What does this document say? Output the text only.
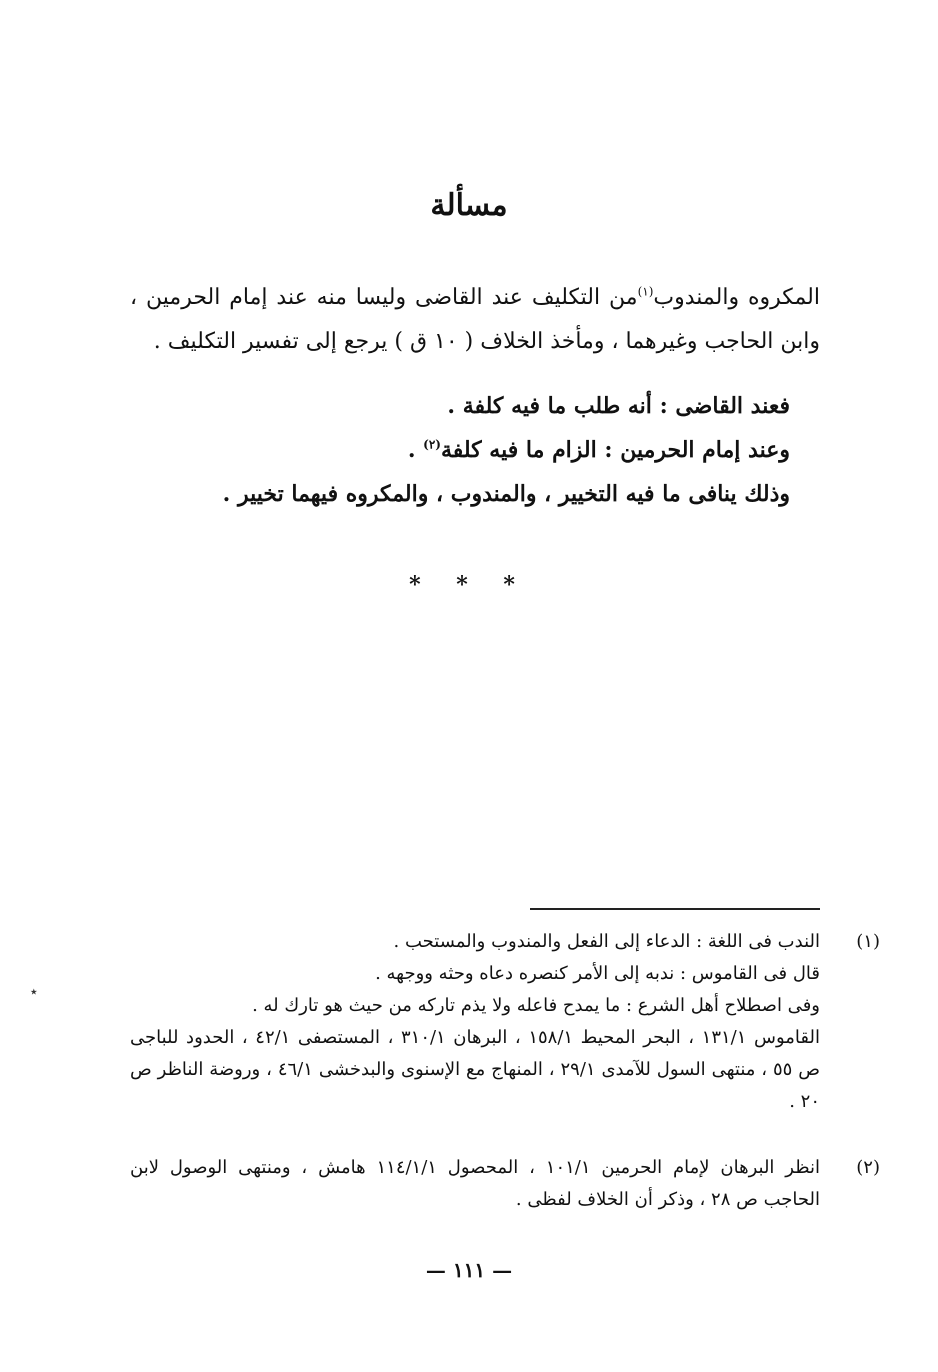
مسألة

المكروه والمندوب$^{(١)}$من التكليف عند القاضى وليسا منه عند إمام الحرمين ، وابن الحاجب وغيرهما ، ومأخذ الخلاف ( ١٠ ق ) يرجع إلى تفسير التكليف .

فعند القاضى : أنه طلب ما فيه كلفة .

وعند إمام الحرمين : الزام ما فيه كلفة$^{(٢)}$ .

وذلك ينافى ما فيه التخيير ، والمندوب ، والمكروه فيهما تخيير .

* * *
(١)
الندب فى اللغة : الدعاء إلى الفعل والمندوب والمستحب .
قال فى القاموس : ندبه إلى الأمر كنصره دعاه وحثه ووجهه .
وفى اصطلاح أهل الشرع : ما يمدح فاعله ولا يذم تاركه من حيث هو تارك له .
القاموس ١٣١/١ ، البحر المحيط ١٥٨/١ ، البرهان ٣١٠/١ ، المستصفى ٤٢/١ ، الحدود للباجى ص ٥٥ ، منتهى السول للآمدى ٢٩/١ ، المنهاج مع الإسنوى والبدخشى ٤٦/١ ، وروضة الناظر ص ٢٠ .
(٢)
انظر البرهان لإمام الحرمين ١٠١/١ ، المحصول ١١٤/١/١ هامش ، ومنتهى الوصول لابن الحاجب ص ٢٨ ، وذكر أن الخلاف لفظى .
— ١١١ —
٭
